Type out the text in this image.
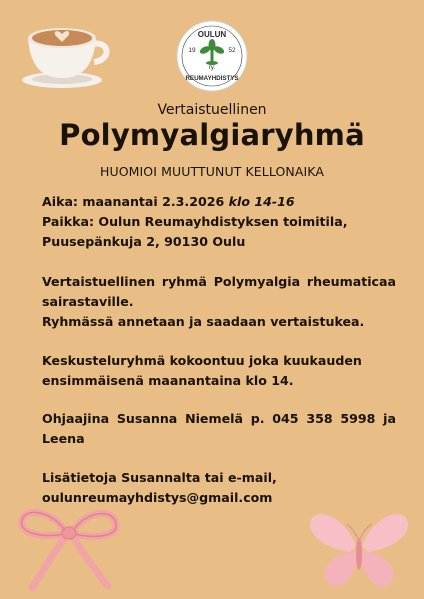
OULUN
19	52
ry.
REUMAYHDISTYS
Vertaistuellinen
Polymyalgiaryhmä
HUOMIOI MUUTTUNUT KELLONAIKA
Aika: maanantai 2.3.2026 klo 14-16
Paikka: Oulun Reumayhdistyksen toimitila,
Puusepänkuja 2, 90130 Oulu
Vertaistuellinen ryhmä Polymyalgia rheumaticaa
sairastaville.
Ryhmässä annetaan ja saadaan vertaistukea.
Keskusteluryhmä kokoontuu joka kuukauden
ensimmäisenä maanantaina klo 14.
Ohjaajina Susanna Niemelä p. 045 358 5998 ja
Leena
Lisätietoja Susannalta tai e-mail,
oulunreumayhdistys@gmail.com
